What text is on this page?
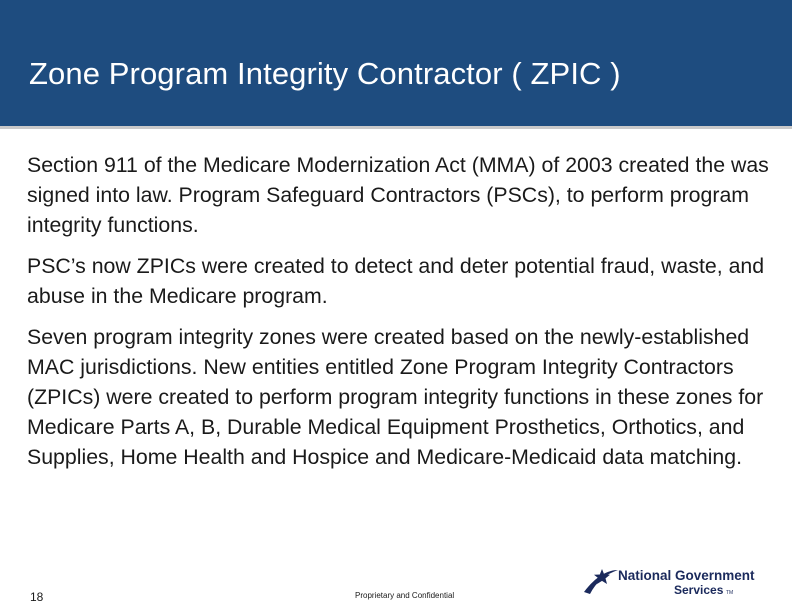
Zone Program Integrity Contractor ( ZPIC )

Section 911 of the Medicare Modernization Act (MMA) of 2003 created the was signed into law. Program Safeguard Contractors (PSCs), to perform program integrity functions.

PSC’s now ZPICs were created to detect and deter potential fraud, waste, and abuse in the Medicare program.

Seven program integrity zones were created based on the newly-established MAC jurisdictions. New entities entitled Zone Program Integrity Contractors (ZPICs) were created to perform program integrity functions in these zones for Medicare Parts A, B, Durable Medical Equipment Prosthetics, Orthotics, and Supplies, Home Health and Hospice and Medicare-Medicaid data matching.

18	Proprietary and Confidential
National Government
Services TM
